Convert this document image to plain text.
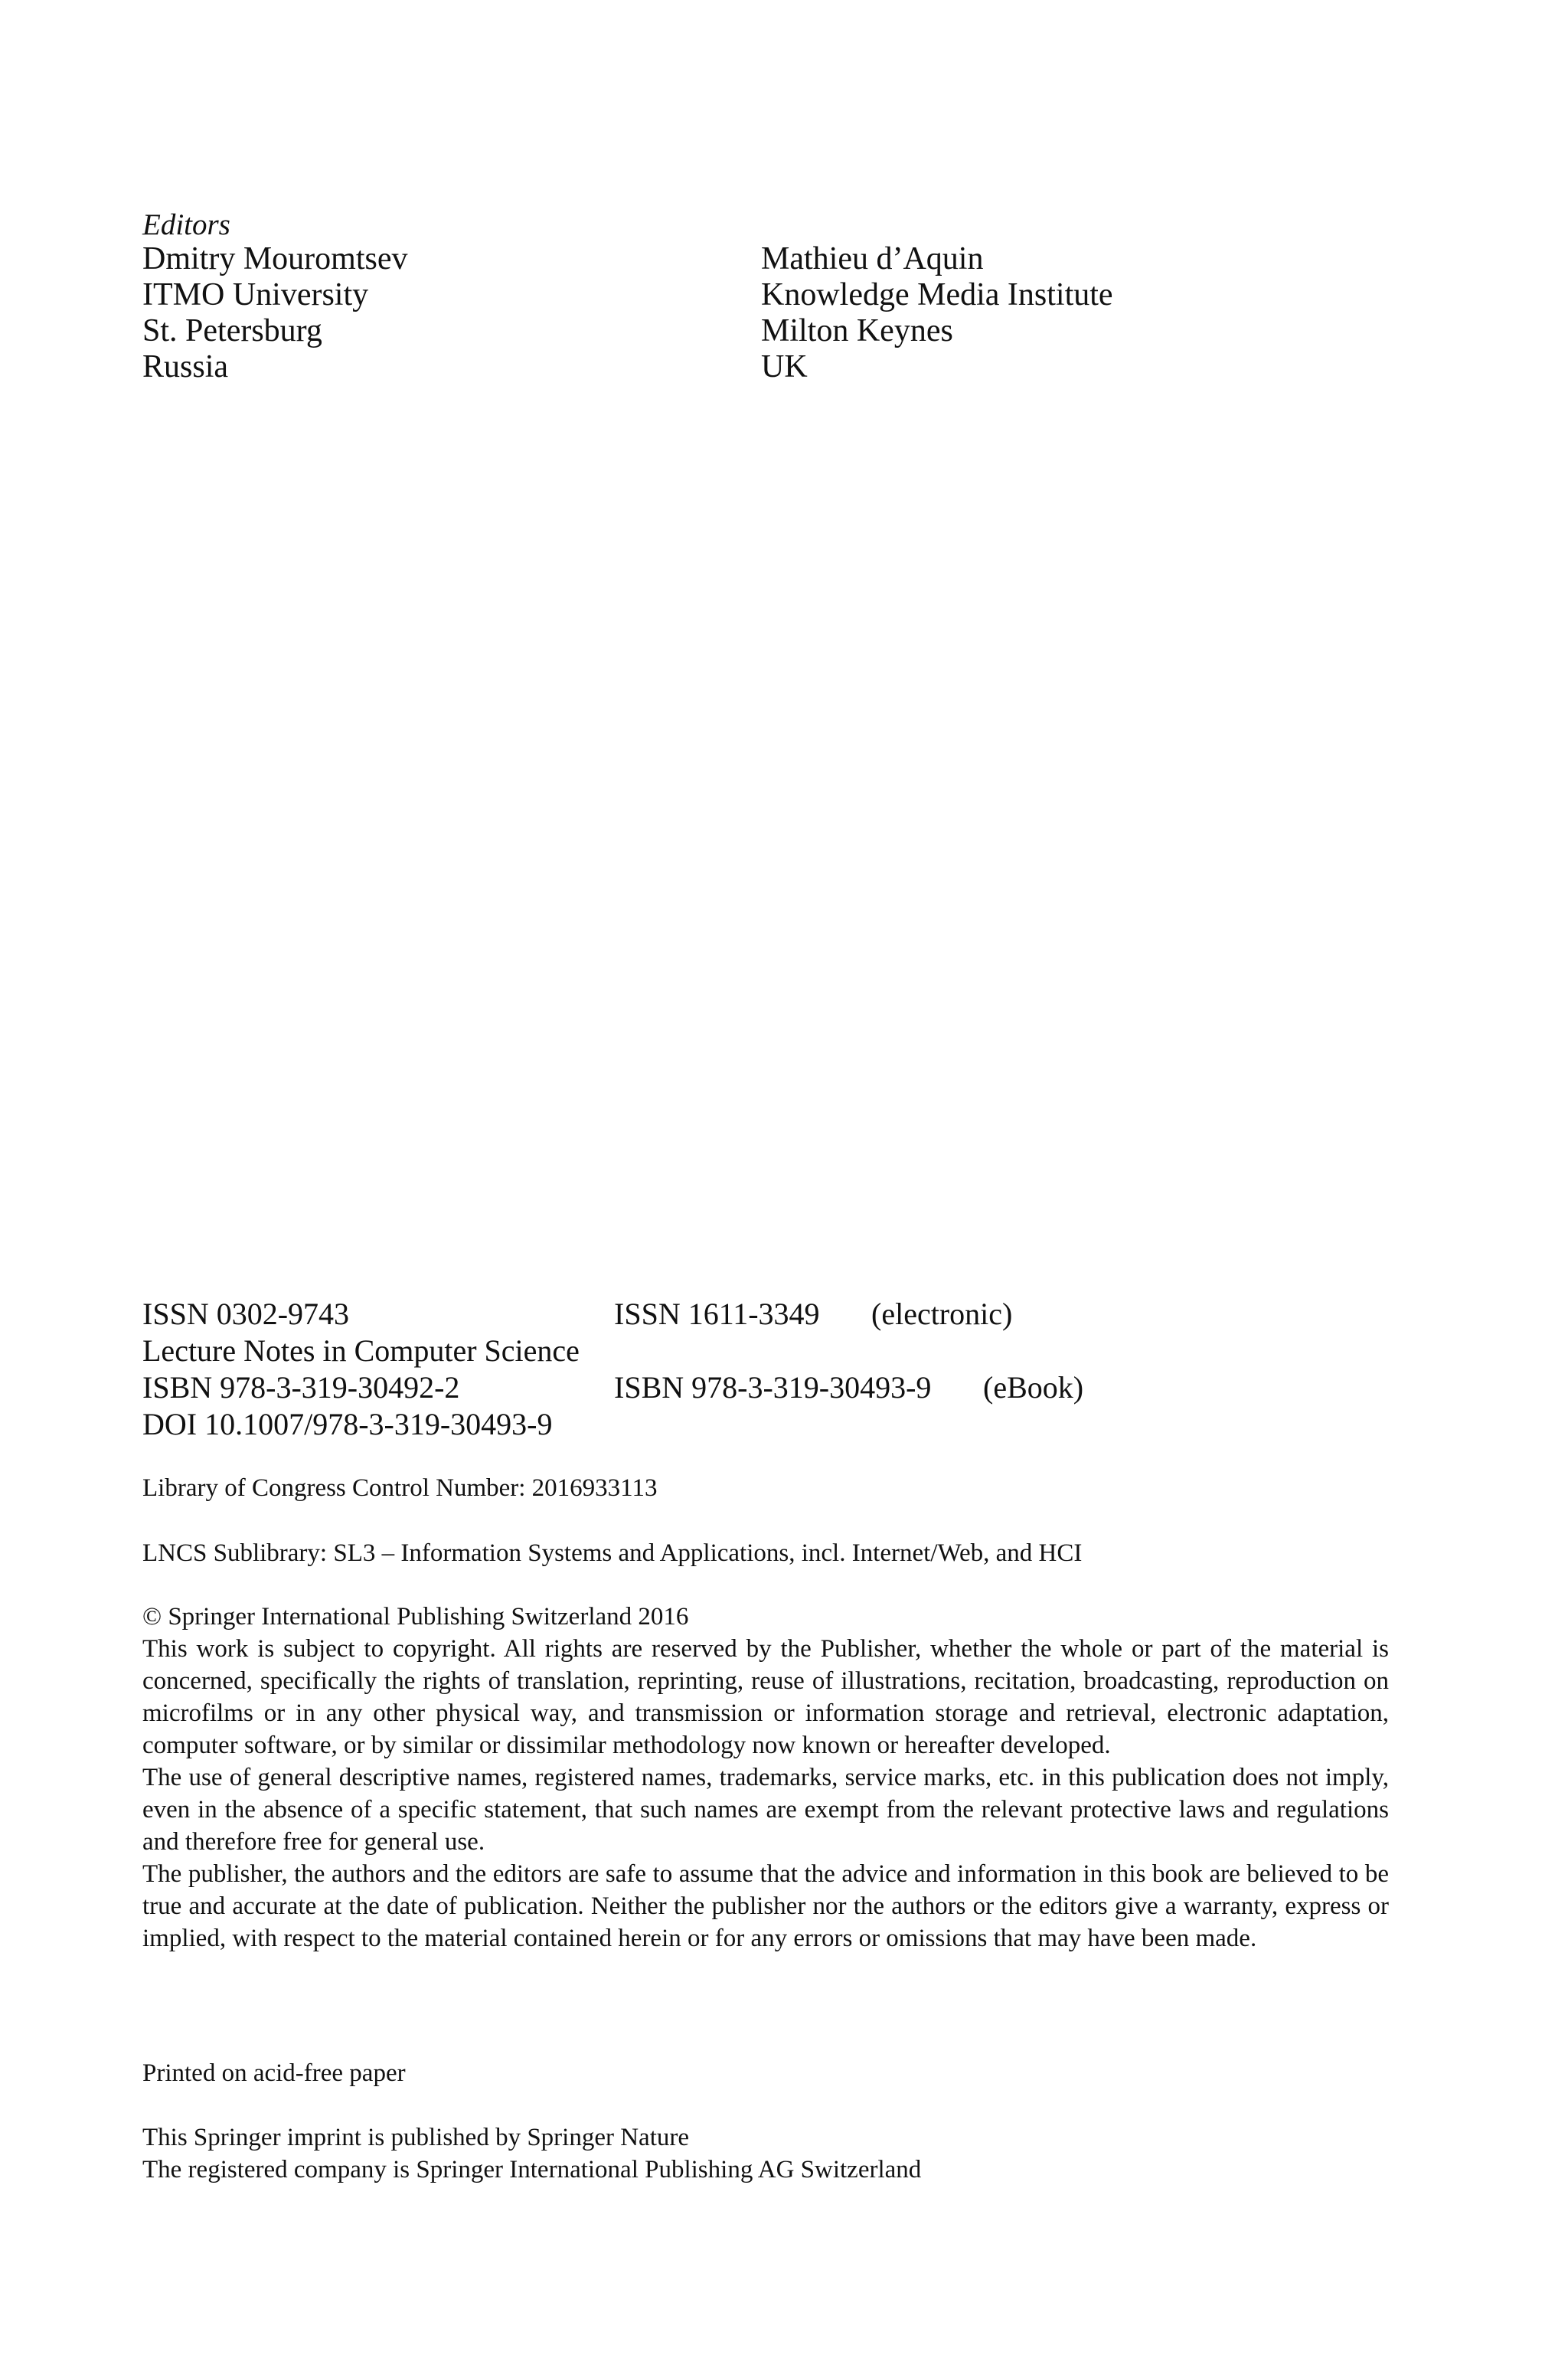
Editors
Dmitry Mouromtsev
ITMO University
St. Petersburg
Russia
Mathieu d’Aquin
Knowledge Media Institute
Milton Keynes
UK
ISSN 0302-9743	ISSN 1611-3349 (electronic)
Lecture Notes in Computer Science
ISBN 978-3-319-30492-2	ISBN 978-3-319-30493-9 (eBook)
DOI 10.1007/978-3-319-30493-9
Library of Congress Control Number: 2016933113
LNCS Sublibrary: SL3 – Information Systems and Applications, incl. Internet/Web, and HCI

© Springer International Publishing Switzerland 2016

This work is subject to copyright. All rights are reserved by the Publisher, whether the whole or part of the material is concerned, specifically the rights of translation, reprinting, reuse of illustrations, recitation, broadcasting, reproduction on microfilms or in any other physical way, and transmission or information storage and retrieval, electronic adaptation, computer software, or by similar or dissimilar methodology now known or hereafter developed.

The use of general descriptive names, registered names, trademarks, service marks, etc. in this publication does not imply, even in the absence of a specific statement, that such names are exempt from the relevant protective laws and regulations and therefore free for general use.

The publisher, the authors and the editors are safe to assume that the advice and information in this book are believed to be true and accurate at the date of publication. Neither the publisher nor the authors or the editors give a warranty, express or implied, with respect to the material contained herein or for any errors or omissions that may have been made.

Printed on acid-free paper
This Springer imprint is published by Springer Nature
The registered company is Springer International Publishing AG Switzerland
